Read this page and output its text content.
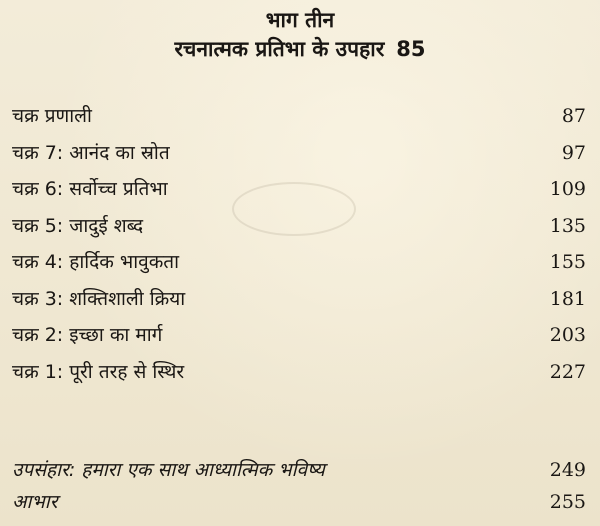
भाग तीन
रचनात्मक प्रतिभा के उपहार 85
चक्र प्रणाली	87
चक्र 7: आनंद का स्रोत	97
चक्र 6: सर्वोच्च प्रतिभा	109
चक्र 5: जादुई शब्द	135
चक्र 4: हार्दिक भावुकता	155
चक्र 3: शक्तिशाली क्रिया	181
चक्र 2: इच्छा का मार्ग	203
चक्र 1: पूरी तरह से स्थिर	227
उपसंहार: हमारा एक साथ आध्यात्मिक भविष्य	249
आभार	255
